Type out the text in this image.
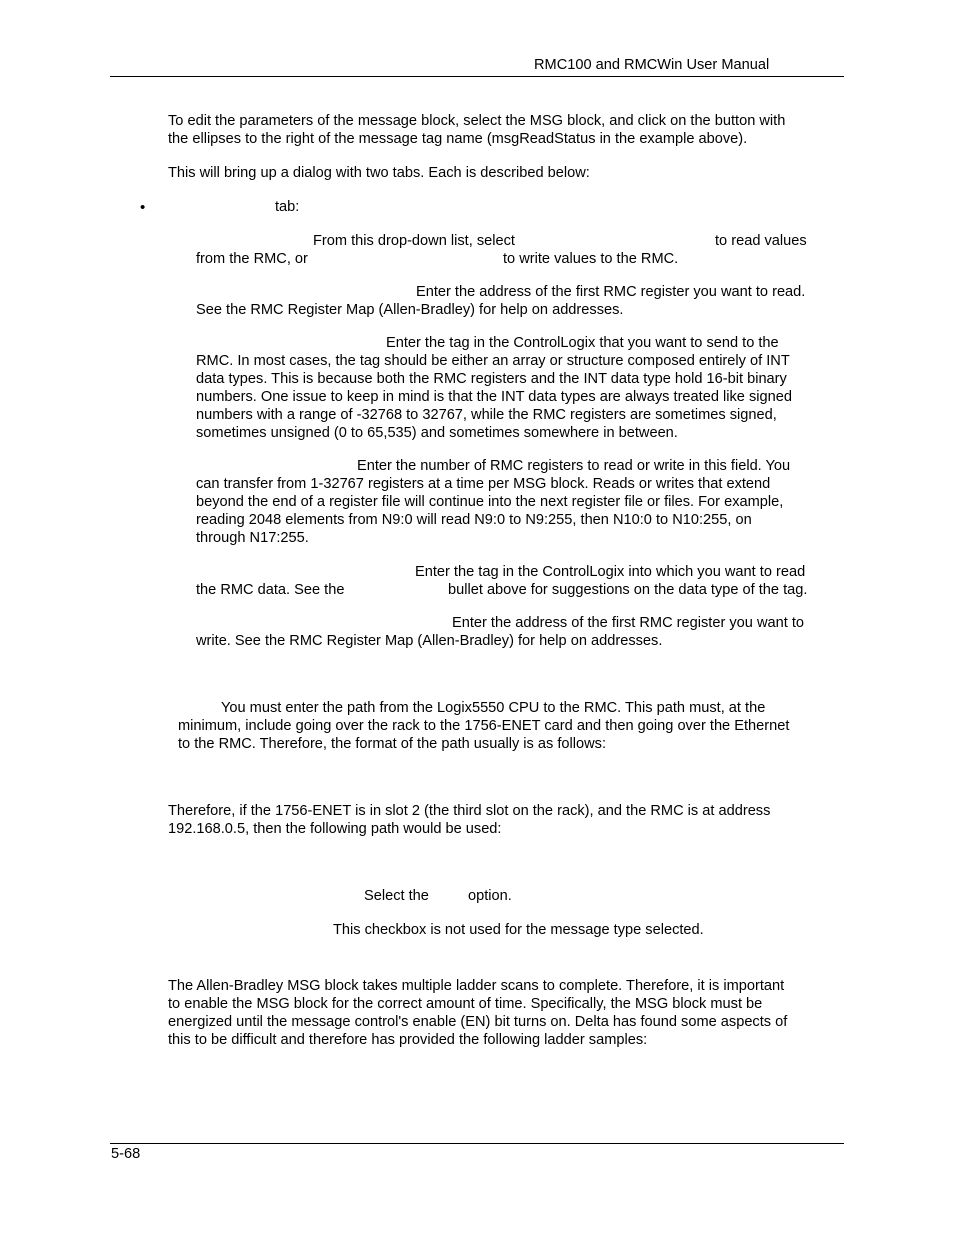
RMC100 and RMCWin User Manual
To edit the parameters of the message block, select the MSG block, and click on the button with
the ellipses to the right of the message tag name (msgReadStatus in the example above).
This will bring up a dialog with two tabs. Each is described below:
•	tab:
From this drop-down list, select	to read values
from the RMC, or	to write values to the RMC.
Enter the address of the first RMC register you want to read.
See the RMC Register Map (Allen-Bradley) for help on addresses.
Enter the tag in the ControlLogix that you want to send to the
RMC. In most cases, the tag should be either an array or structure composed entirely of INT
data types. This is because both the RMC registers and the INT data type hold 16-bit binary
numbers. One issue to keep in mind is that the INT data types are always treated like signed
numbers with a range of -32768 to 32767, while the RMC registers are sometimes signed,
sometimes unsigned (0 to 65,535) and sometimes somewhere in between.
Enter the number of RMC registers to read or write in this field. You
can transfer from 1-32767 registers at a time per MSG block. Reads or writes that extend
beyond the end of a register file will continue into the next register file or files. For example,
reading 2048 elements from N9:0 will read N9:0 to N9:255, then N10:0 to N10:255, on
through N17:255.
Enter the tag in the ControlLogix into which you want to read
the RMC data. See the	bullet above for suggestions on the data type of the tag.
Enter the address of the first RMC register you want to
write. See the RMC Register Map (Allen-Bradley) for help on addresses.
You must enter the path from the Logix5550 CPU to the RMC. This path must, at the
minimum, include going over the rack to the 1756-ENET card and then going over the Ethernet
to the RMC. Therefore, the format of the path usually is as follows:
Therefore, if the 1756-ENET is in slot 2 (the third slot on the rack), and the RMC is at address
192.168.0.5, then the following path would be used:
Select the	option.
This checkbox is not used for the message type selected.
The Allen-Bradley MSG block takes multiple ladder scans to complete. Therefore, it is important
to enable the MSG block for the correct amount of time. Specifically, the MSG block must be
energized until the message control's enable (EN) bit turns on. Delta has found some aspects of
this to be difficult and therefore has provided the following ladder samples:
5-68
